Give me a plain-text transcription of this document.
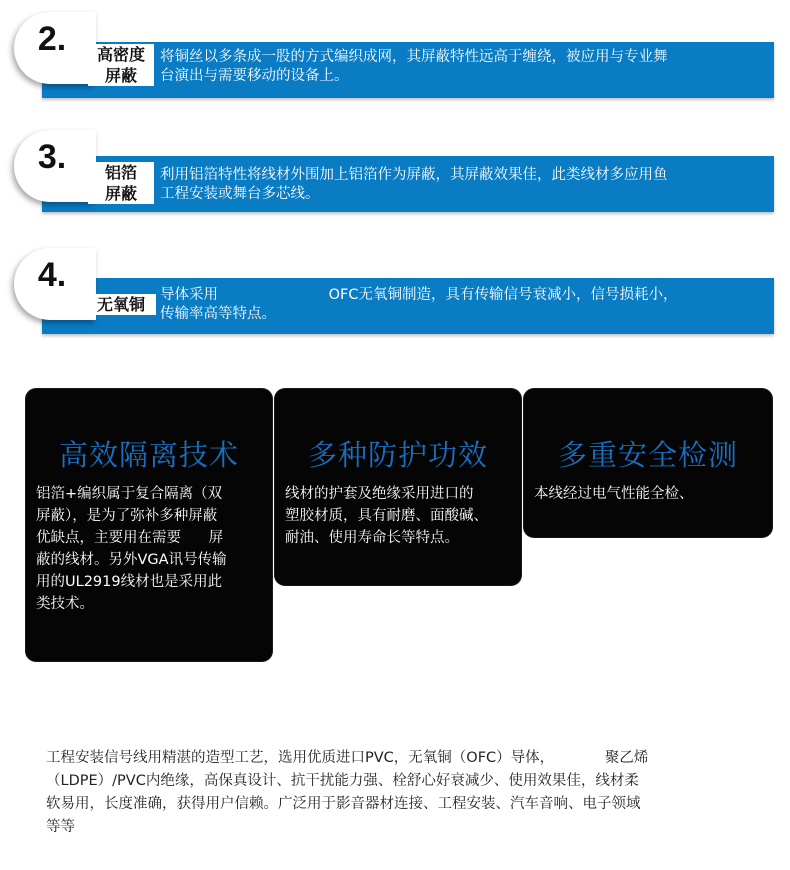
2.	高密度
屏蔽
将铜丝以多条成一股的方式编织成网，其屏蔽特性远高于缠绕，被应用与专业舞
台演出与需要移动的设备上。
3.	铝箔
屏蔽
利用铝箔特性将线材外围加上铝箔作为屏蔽，其屏蔽效果佳，此类线材多应用鱼
工程安装或舞台多芯线。
4.
无氧铜	导体采用                        OFC无氧铜制造，具有传输信号衰减小，信号损耗小，
传输率高等特点。
高效隔离技术
铝箔+编织属于复合隔离（双
屏蔽），是为了弥补多种屏蔽
优缺点，主要用在需要      屏
蔽的线材。另外VGA讯号传输
用的UL2919线材也是采用此
类技术。
多种防护功效
线材的护套及绝缘采用进口的
塑胶材质，具有耐磨、面酸碱、
耐油、使用寿命长等特点。
多重安全检测
本线经过电气性能全检、
工程安装信号线用精湛的造型工艺，选用优质进口PVC，无氧铜（OFC）导体，           聚乙烯
（LDPE）/PVC内绝缘，高保真设计、抗干扰能力强、栓舒心好衰减少、使用效果佳，线材柔
软易用，长度准确，获得用户信赖。广泛用于影音器材连接、工程安装、汽车音响、电子领域
等等
